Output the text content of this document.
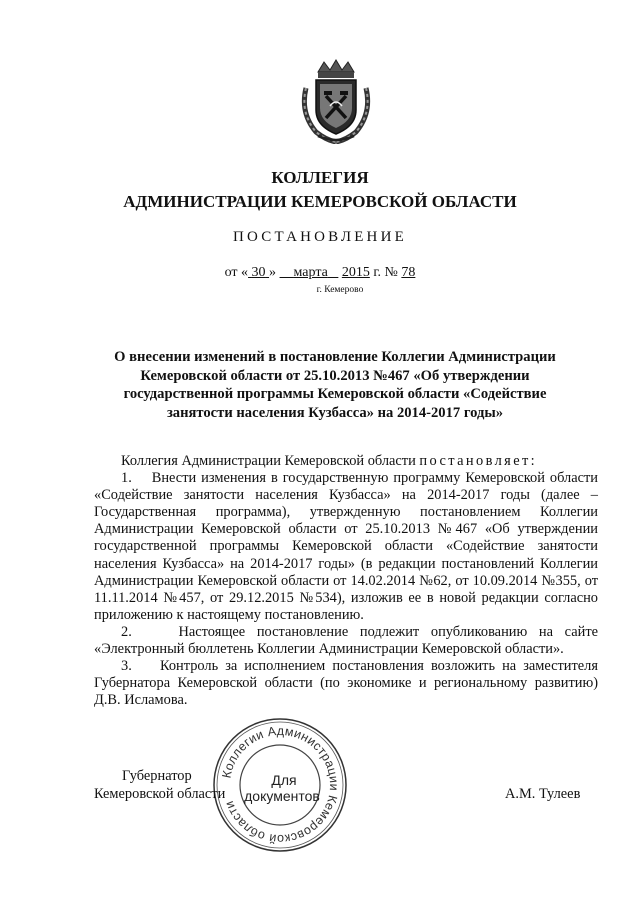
КОЛЛЕГИЯ
АДМИНИСТРАЦИИ КЕМЕРОВСКОЙ ОБЛАСТИ
ПОСТАНОВЛЕНИЕ
от « 30 » марта 2015 г. № 78
г. Кемерово
О внесении изменений в постановление Коллегии Администрации Кемеровской области от 25.10.2013 №467 «Об утверждении государственной программы Кемеровской области «Содействие занятости населения Кузбасса» на 2014-2017 годы»

Коллегия Администрации Кемеровской области постановляет:

1.    Внести изменения в государственную программу Кемеровской области «Содействие занятости населения Кузбасса» на 2014-2017 годы (далее – Государственная программа), утвержденную постановлением Коллегии Администрации Кемеровской области от 25.10.2013 №467 «Об утверждении государственной программы Кемеровской области «Содействие занятости населения Кузбасса» на 2014-2017 годы» (в редакции постановлений Коллегии Администрации Кемеровской области от 14.02.2014 №62, от 10.09.2014 №355, от 11.11.2014 №457, от 29.12.2015 №534), изложив ее в новой редакции согласно приложению к настоящему постановлению.

2.    Настоящее постановление подлежит опубликованию на сайте «Электронный бюллетень Коллегии Администрации Кемеровской области».

3.    Контроль за исполнением постановления возложить на заместителя Губернатора Кемеровской области (по экономике и региональному развитию) Д.В. Исламова.

Коллегии Администрации Кемеровской области
Для
документов
Губернатор
Кемеровской области	А.М. Тулеев
